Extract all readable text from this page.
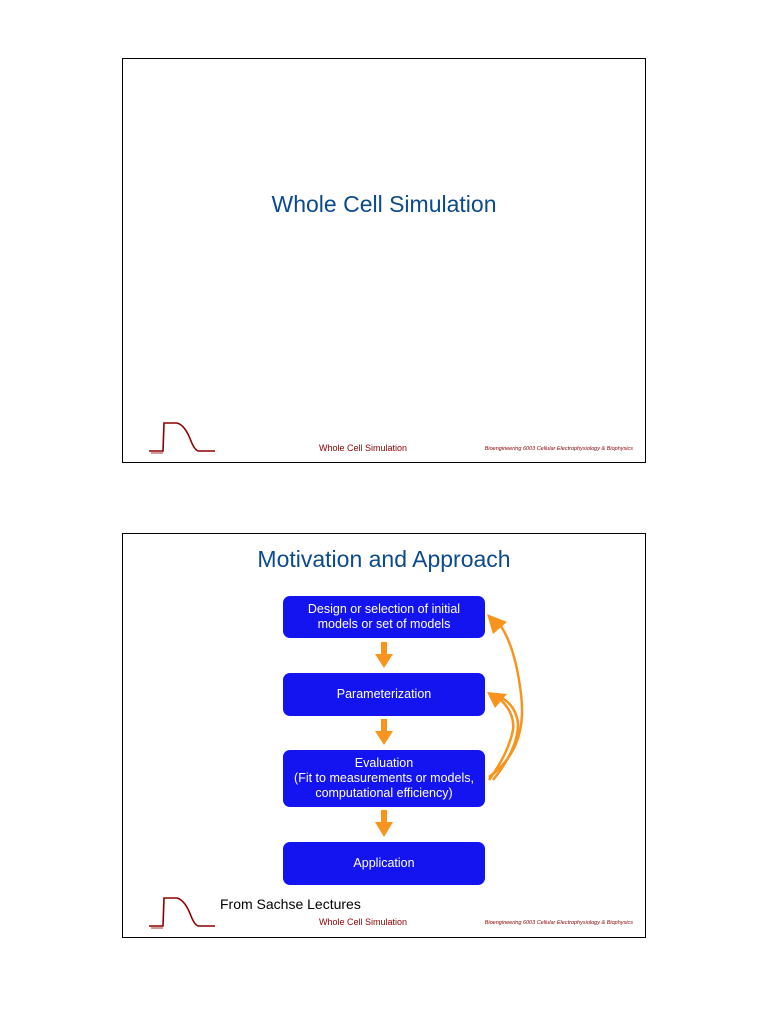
Whole Cell Simulation
Whole Cell Simulation	Bioengineering 6003 Cellular Electrophysiology & Biophysics
Motivation and Approach
Design or selection of initial
models or set of models
Parameterization
Evaluation
(Fit to measurements or models,
computational efficiency)
Application
From Sachse Lectures
Whole Cell Simulation	Bioengineering 6003 Cellular Electrophysiology & Biophysics
